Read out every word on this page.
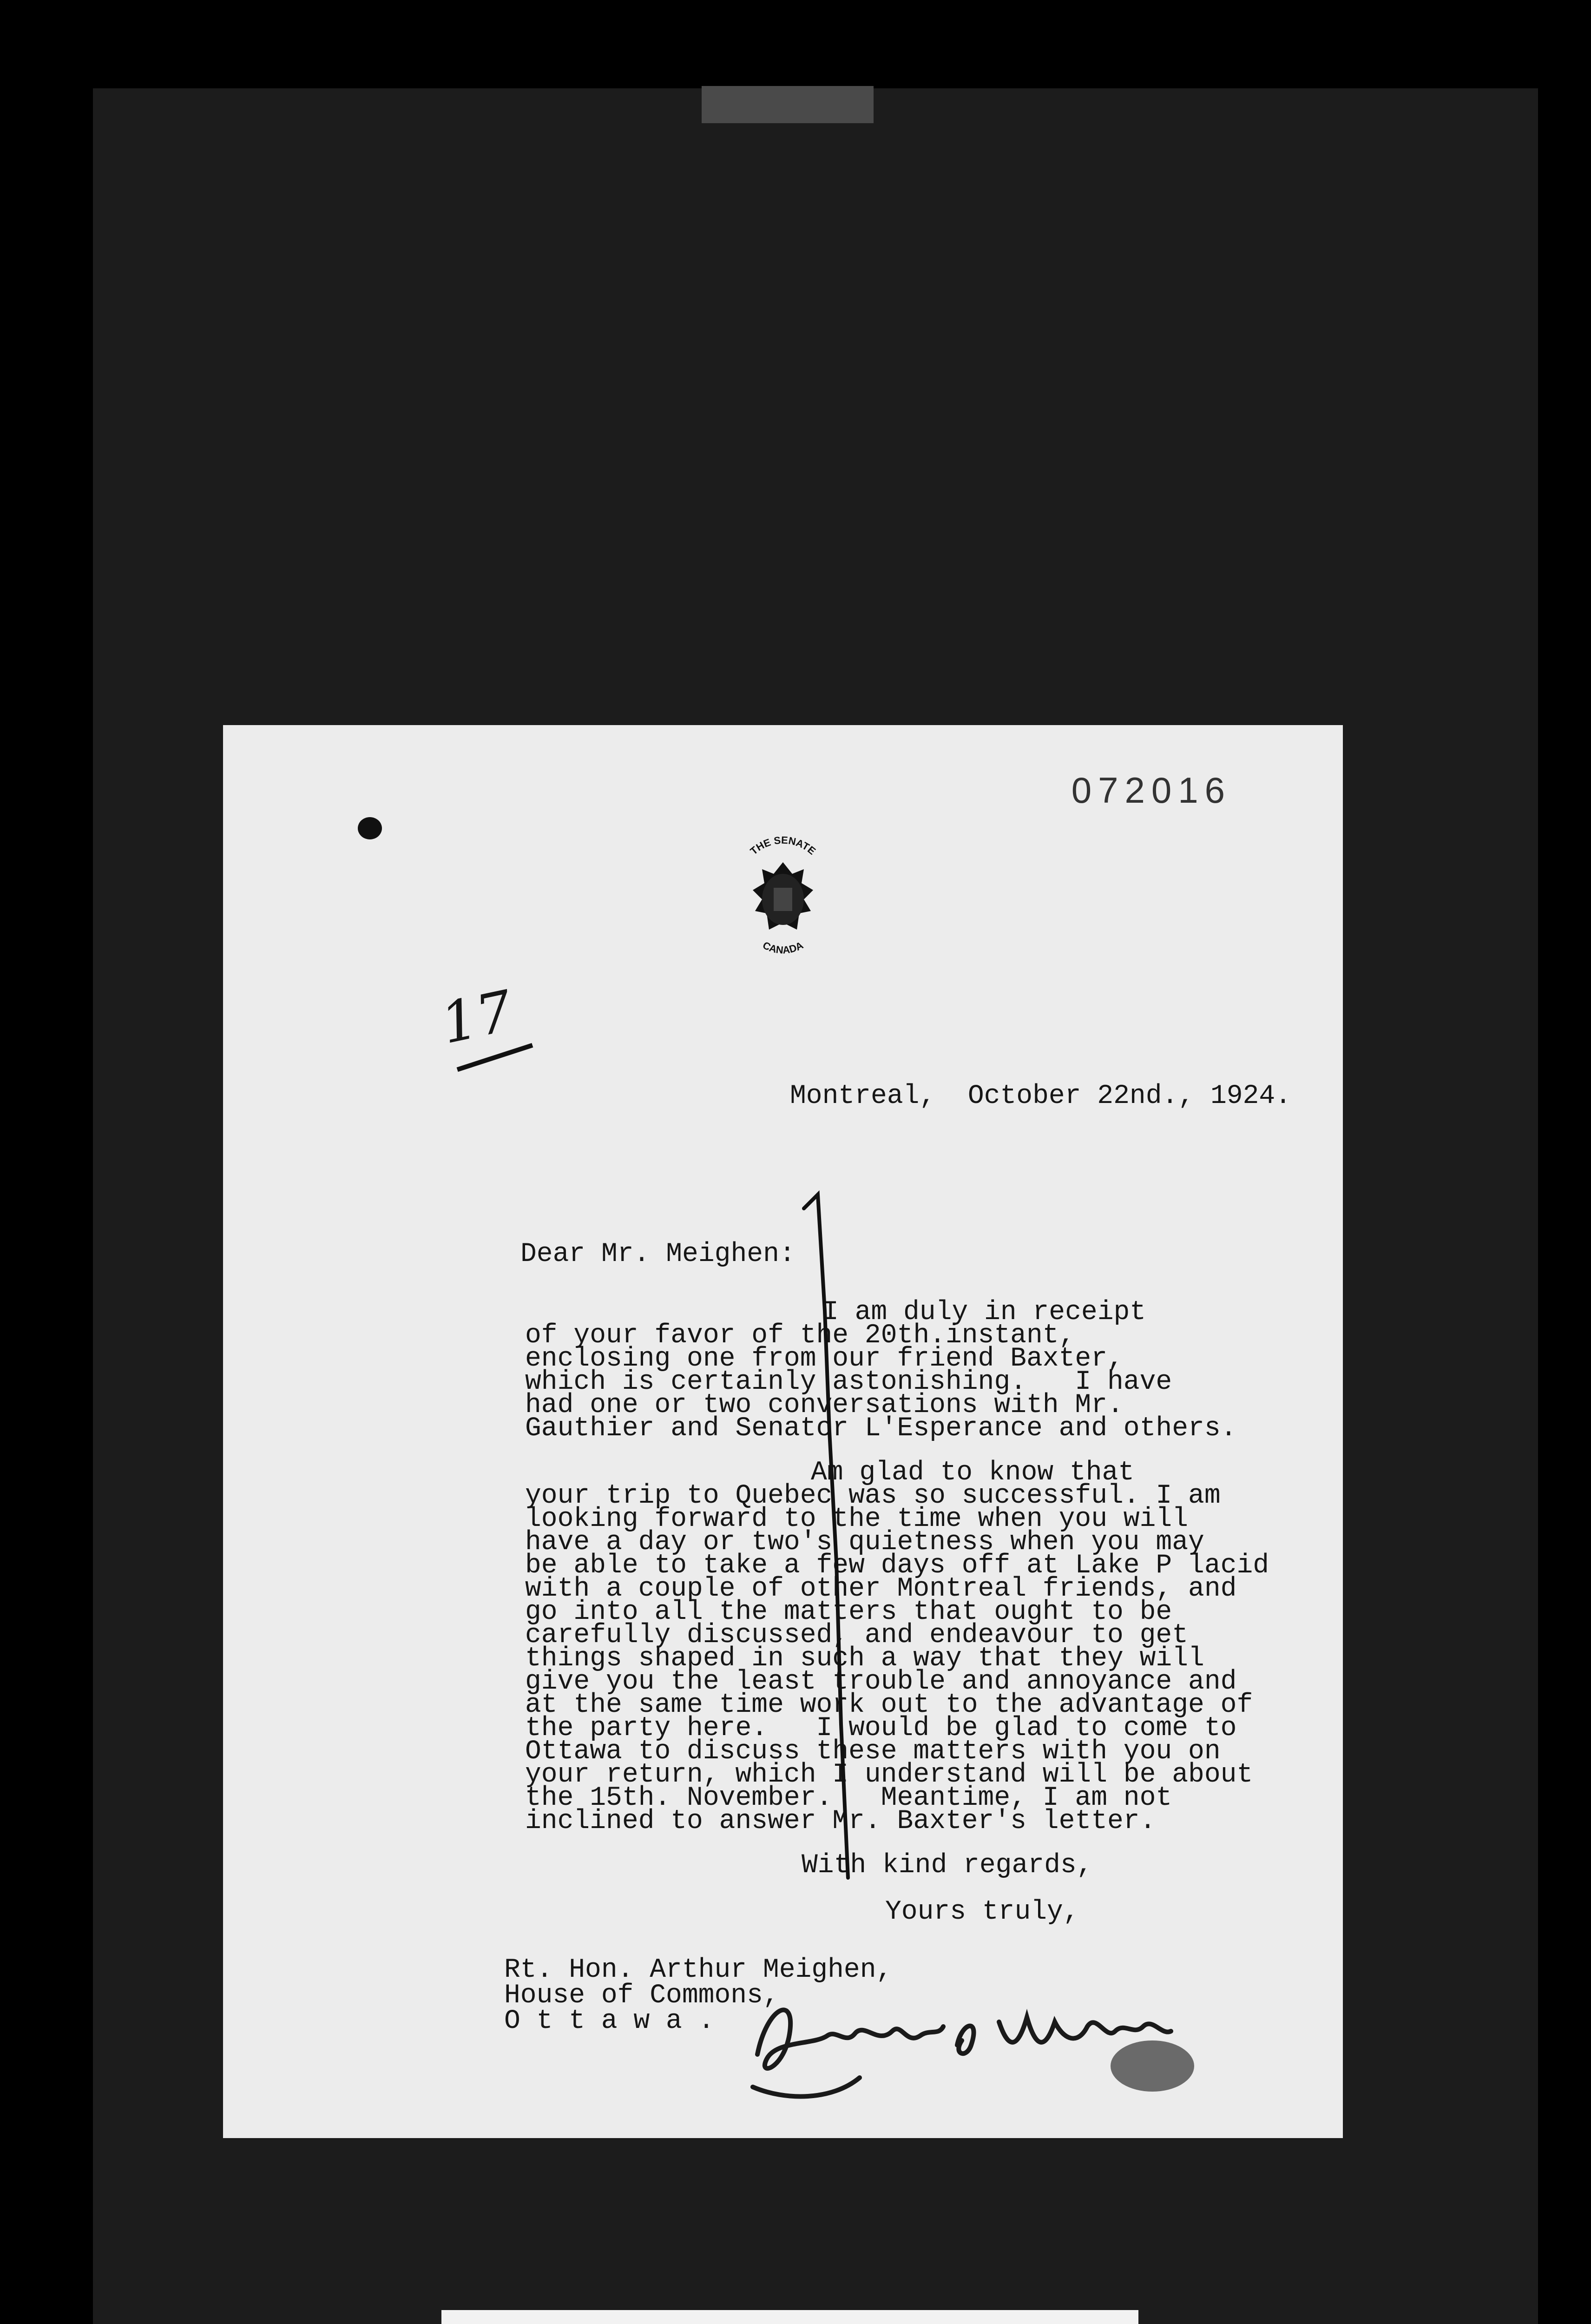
072016
THE SENATE
CANADA
17
Montreal,  October 22nd., 1924.
Dear Mr. Meighen:
I am duly in receipt
of your favor of the 20th.instant,
enclosing one from our friend Baxter,
which is certainly astonishing.   I have
had one or two conversations with Mr.
Gauthier and Senator L'Esperance and others.
Am glad to know that
your trip to Quebec was so successful. I am
looking forward to the time when you will
have a day or two's quietness when you may
be able to take a few days off at Lake P lacid
with a couple of other Montreal friends, and
go into all the matters that ought to be
carefully discussed, and endeavour to get
things shaped in such a way that they will
give you the least trouble and annoyance and
at the same time work out to the advantage of
the party here.   I would be glad to come to
Ottawa to discuss these matters with you on
your return, which I understand will be about
the 15th. November.   Meantime, I am not
inclined to answer Mr. Baxter's letter.
With kind regards,
Yours truly,
Rt. Hon. Arthur Meighen,
House of Commons,
O t t a w a .
